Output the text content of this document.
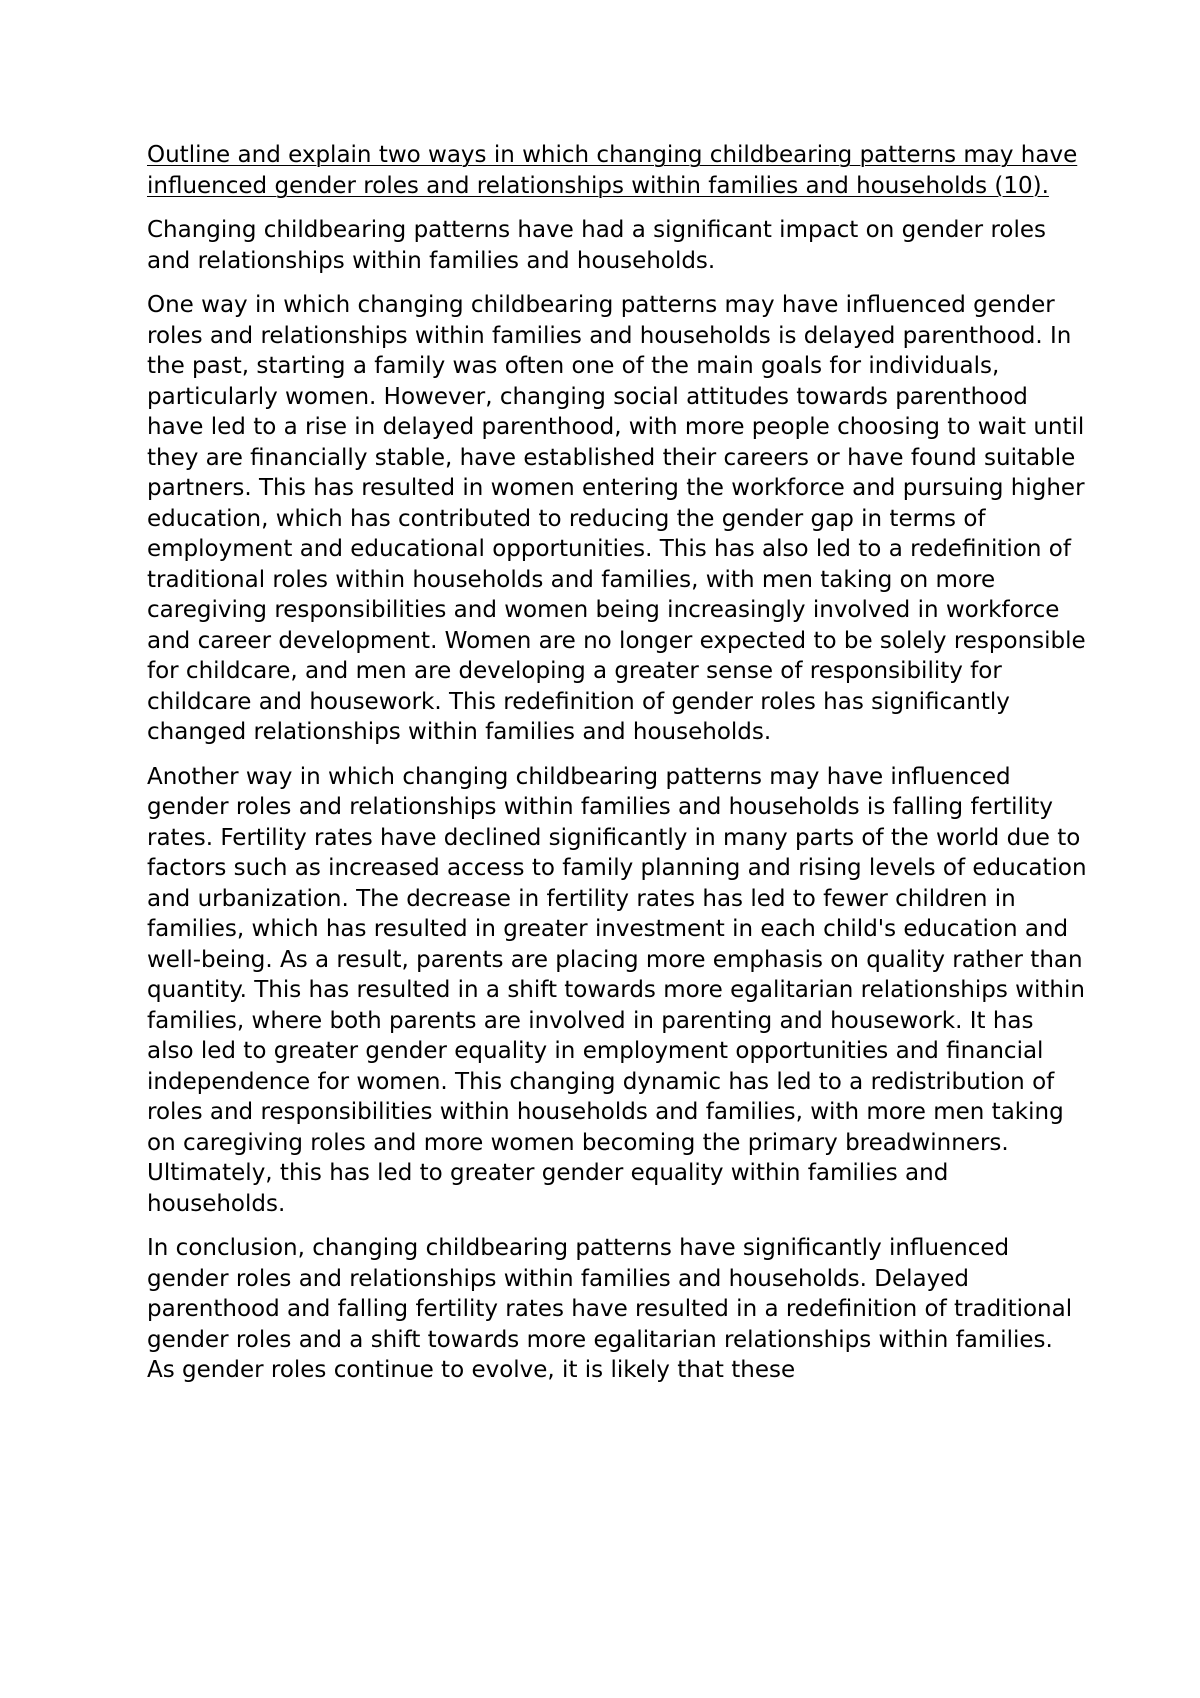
Outline and explain two ways in which changing childbearing patterns may have influenced gender roles and relationships within families and households (10).
Changing childbearing patterns have had a significant impact on gender roles and relationships within families and households.
One way in which changing childbearing patterns may have influenced gender roles and relationships within families and households is delayed parenthood. In the past, starting a family was often one of the main goals for individuals, particularly women. However, changing social attitudes towards parenthood have led to a rise in delayed parenthood, with more people choosing to wait until they are financially stable, have established their careers or have found suitable partners. This has resulted in women entering the workforce and pursuing higher education, which has contributed to reducing the gender gap in terms of employment and educational opportunities. This has also led to a redefinition of traditional roles within households and families, with men taking on more caregiving responsibilities and women being increasingly involved in workforce and career development. Women are no longer expected to be solely responsible for childcare, and men are developing a greater sense of responsibility for childcare and housework. This redefinition of gender roles has significantly changed relationships within families and households.
Another way in which changing childbearing patterns may have influenced gender roles and relationships within families and households is falling fertility rates. Fertility rates have declined significantly in many parts of the world due to factors such as increased access to family planning and rising levels of education and urbanization. The decrease in fertility rates has led to fewer children in families, which has resulted in greater investment in each child's education and well-being. As a result, parents are placing more emphasis on quality rather than quantity. This has resulted in a shift towards more egalitarian relationships within families, where both parents are involved in parenting and housework. It has also led to greater gender equality in employment opportunities and financial independence for women. This changing dynamic has led to a redistribution of roles and responsibilities within households and families, with more men taking on caregiving roles and more women becoming the primary breadwinners. Ultimately, this has led to greater gender equality within families and households.
In conclusion, changing childbearing patterns have significantly influenced gender roles and relationships within families and households. Delayed parenthood and falling fertility rates have resulted in a redefinition of traditional gender roles and a shift towards more egalitarian relationships within families. As gender roles continue to evolve, it is likely that these
